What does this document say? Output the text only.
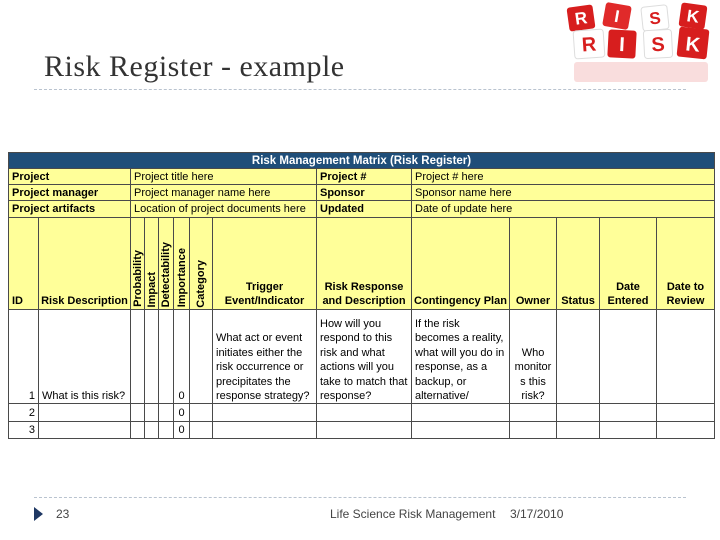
Risk Register - example
R I S K
R I S K
Risk Management Matrix (Risk Register)													
Project		Project title here						Project #	Project # here				
Project manager		Project manager name here						Sponsor	Sponsor name here				
Project artifacts		Location of project documents here						Updated	Date of update here				
ID	Risk Description	Probability	Impact	Detectability	Importance	Category	Trigger Event/Indicator	Risk Response and Description	Contingency Plan	Owner	Status	Date Entered	Date to Review
1	What is this risk?				0		What act or event initiates either the risk occurrence or precipitates the response strategy?	How will you respond to this risk and what actions will you take to match that response?	If the risk becomes a reality, what will you do in response, as a backup, or alternative/	Who monitor s this risk?			
2					0								
3					0								
23	Life Science Risk Management 3/17/2010
